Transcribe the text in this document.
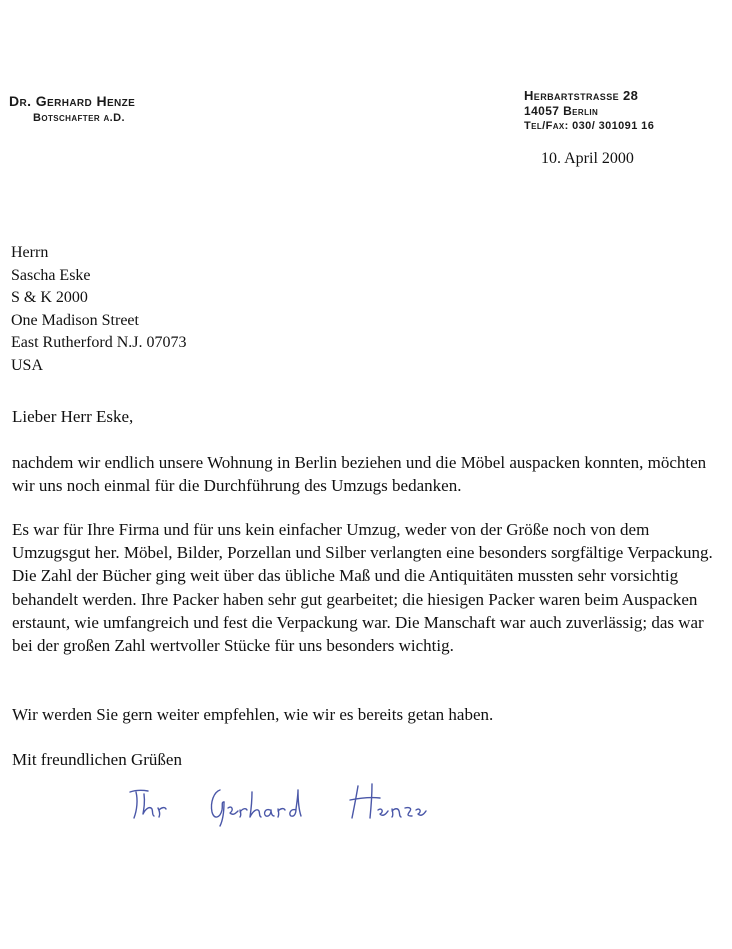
Dr. Gerhard Henze
Botschafter a.D.
Herbartstrasse 28
14057 Berlin
Tel/Fax: 030/ 301091 16
10. April 2000
Herrn
Sascha Eske
S & K 2000
One Madison Street
East Rutherford N.J. 07073
USA
Lieber Herr Eske,
nachdem wir endlich unsere Wohnung in Berlin beziehen und die Möbel auspacken konnten, möchten wir uns noch einmal für die Durchführung des Umzugs bedanken.
Es war für Ihre Firma und für uns kein einfacher Umzug, weder von der Größe noch von dem Umzugsgut her. Möbel, Bilder, Porzellan und Silber verlangten eine besonders sorgfältige Verpackung. Die Zahl der Bücher ging weit über das übliche Maß und die Antiquitäten mussten sehr vorsichtig behandelt werden. Ihre Packer haben sehr gut gearbeitet; die hiesigen Packer waren beim Auspacken erstaunt, wie umfangreich und fest die Verpackung war. Die Manschaft war auch zuverlässig; das war bei der großen Zahl wertvoller Stücke für uns besonders wichtig.
Wir werden Sie gern weiter empfehlen, wie wir es bereits getan haben.
Mit freundlichen Grüßen
